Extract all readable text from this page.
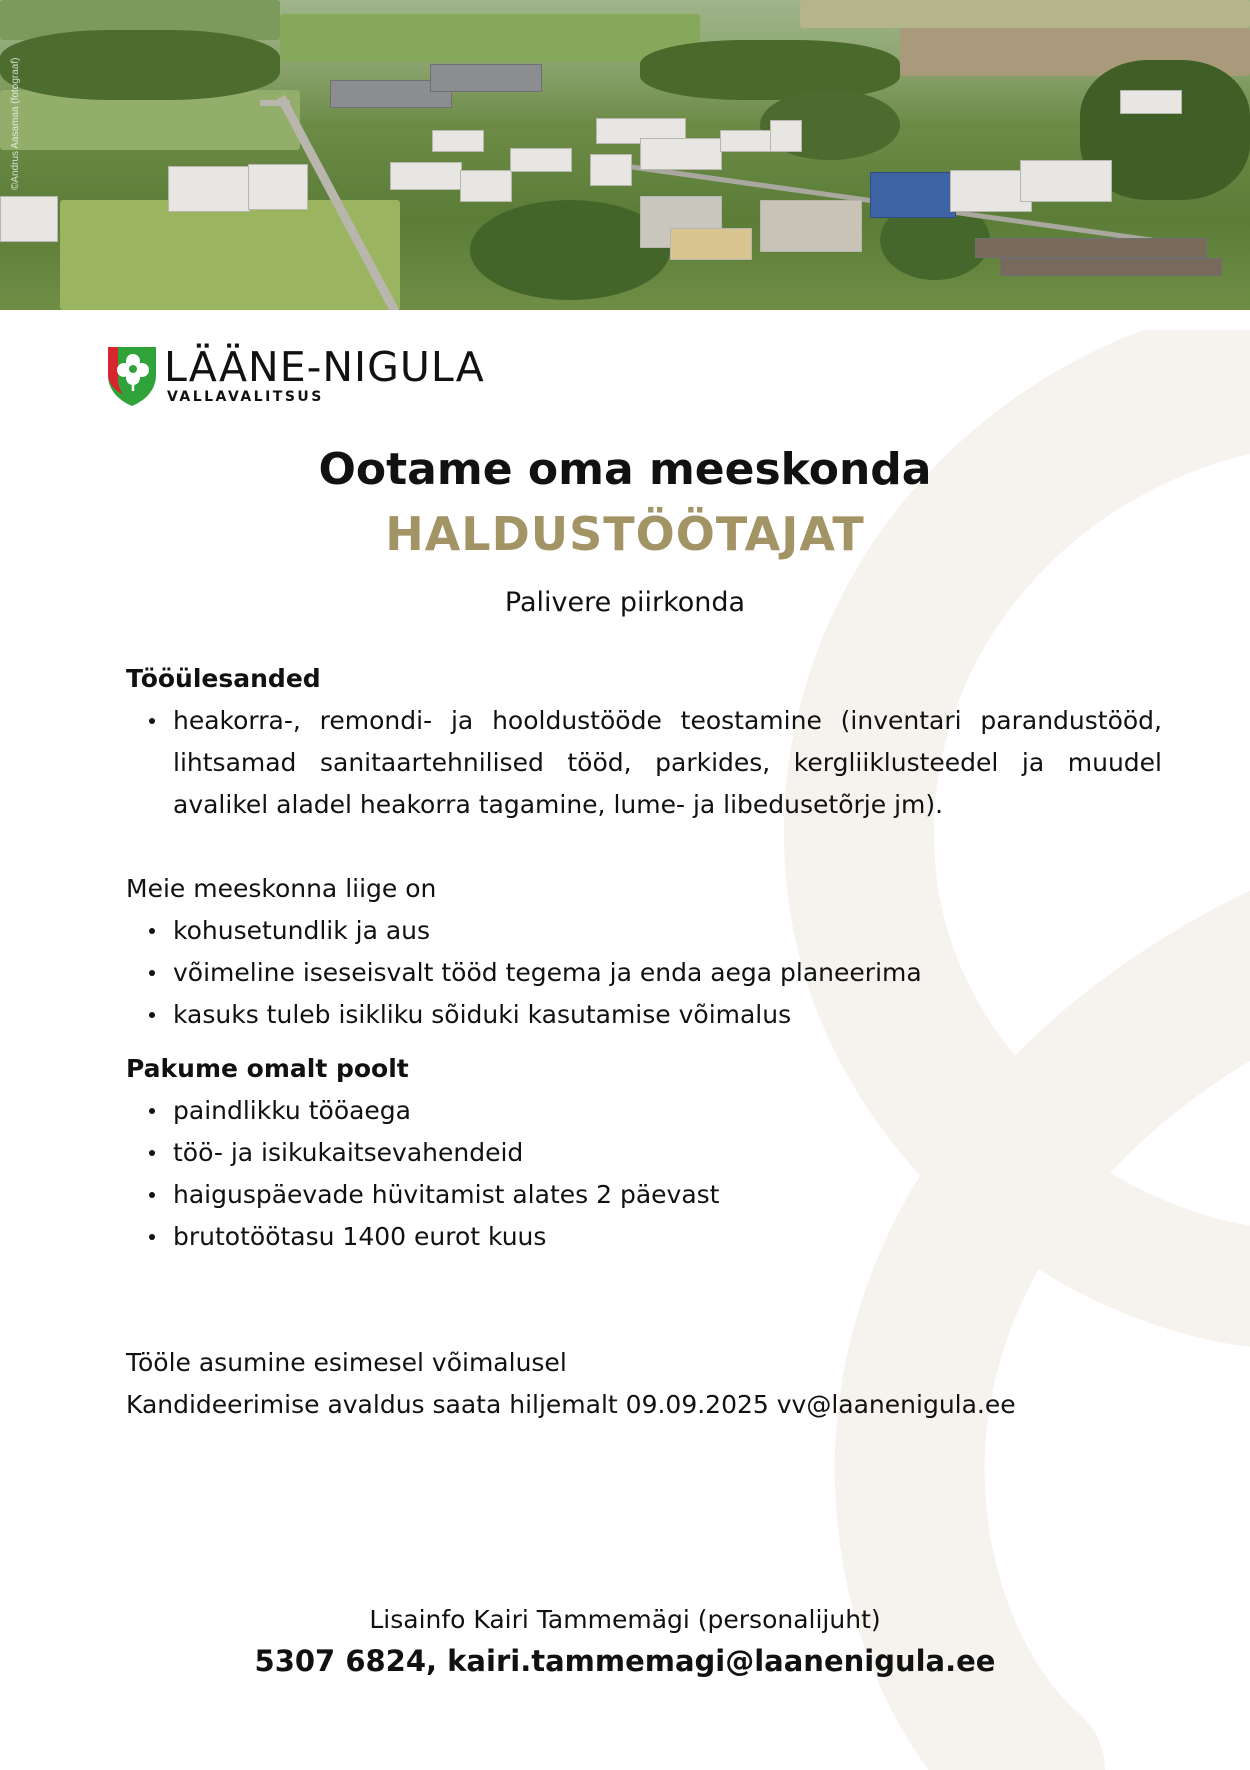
©Andrus Aasamaa (fotograaf)
LÄÄNE-NIGULA
VALLAVALITSUS
Ootame oma meeskonda
HALDUSTÖÖTAJAT
Palivere piirkonda

Tööülesanded

heakorra-, remondi- ja hooldustööde teostamine (inventari parandustööd, lihtsamad sanitaartehnilised tööd, parkides, kergliiklusteedel ja muudel avalikel aladel heakorra tagamine, lume- ja libedusetõrje jm).

Meie meeskonna liige on

kohusetundlik ja aus
võimeline iseseisvalt tööd tegema ja enda aega planeerima
kasuks tuleb isikliku sõiduki kasutamise võimalus

Pakume omalt poolt

paindlikku tööaega
töö- ja isikukaitsevahendeid
haiguspäevade hüvitamist alates 2 päevast
brutotöötasu 1400 eurot kuus

Tööle asumine esimesel võimalusel

Kandideerimise avaldus saata hiljemalt 09.09.2025 vv@laanenigula.ee

Lisainfo Kairi Tammemägi (personalijuht)
5307 6824, kairi.tammemagi@laanenigula.ee
